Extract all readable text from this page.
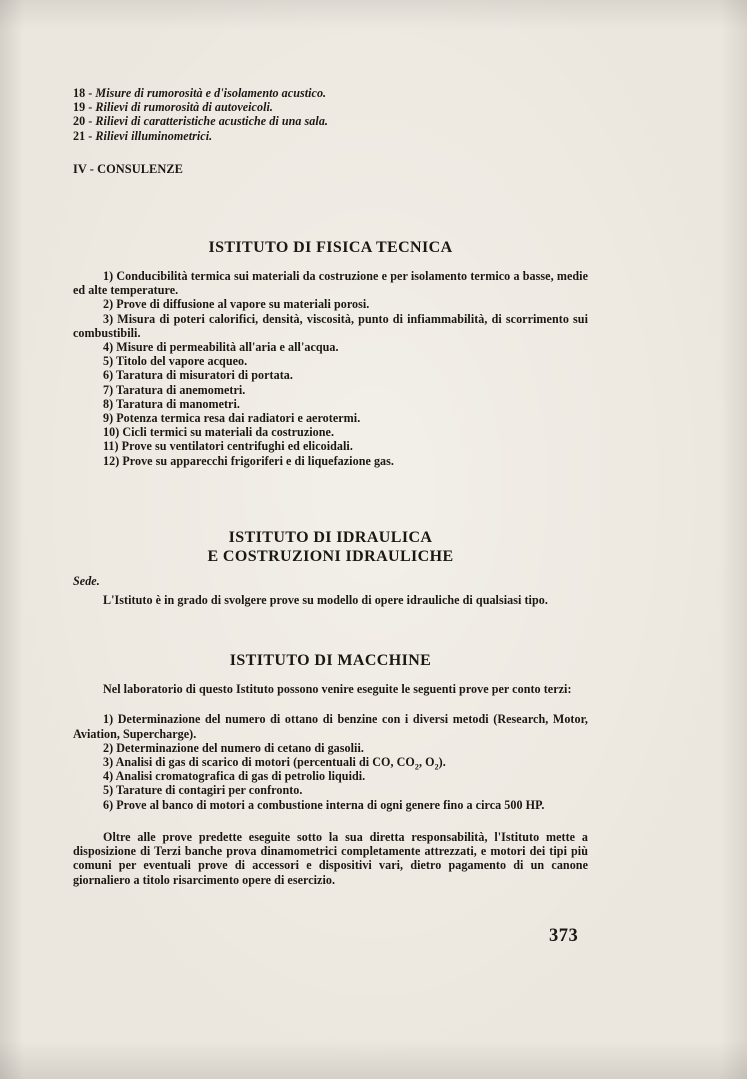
18 - Misure di rumorosità e d'isolamento acustico.
19 - Rilievi di rumorosità di autoveicoli.
20 - Rilievi di caratteristiche acustiche di una sala.
21 - Rilievi illuminometrici.
IV - CONSULENZE
ISTITUTO DI FISICA TECNICA
1) Conducibilità termica sui materiali da costruzione e per isolamento termico a basse, medie ed alte temperature.
2) Prove di diffusione al vapore su materiali porosi.
3) Misura di poteri calorifici, densità, viscosità, punto di infiammabilità, di scorrimento sui combustibili.
4) Misure di permeabilità all'aria e all'acqua.
5) Titolo del vapore acqueo.
6) Taratura di misuratori di portata.
7) Taratura di anemometri.
8) Taratura di manometri.
9) Potenza termica resa dai radiatori e aerotermi.
10) Cicli termici su materiali da costruzione.
11) Prove su ventilatori centrifughi ed elicoidali.
12) Prove su apparecchi frigoriferi e di liquefazione gas.
ISTITUTO DI IDRAULICA
E COSTRUZIONI IDRAULICHE
Sede.

L'Istituto è in grado di svolgere prove su modello di opere idrauliche di qualsiasi tipo.

ISTITUTO DI MACCHINE

Nel laboratorio di questo Istituto possono venire eseguite le seguenti prove per conto terzi:

1) Determinazione del numero di ottano di benzine con i diversi metodi (Research, Motor, Aviation, Supercharge).
2) Determinazione del numero di cetano di gasolii.
3) Analisi di gas di scarico di motori (percentuali di CO, $CO_2$, $O_2$).
4) Analisi cromatografica di gas di petrolio liquidi.
5) Tarature di contagiri per confronto.
6) Prove al banco di motori a combustione interna di ogni genere fino a circa 500 HP.

Oltre alle prove predette eseguite sotto la sua diretta responsabilità, l'Istituto mette a disposizione di Terzi banche prova dinamometrici completamente attrezzati, e motori dei tipi più comuni per eventuali prove di accessori e dispositivi vari, dietro pagamento di un canone giornaliero a titolo risarcimento opere di esercizio.

373
